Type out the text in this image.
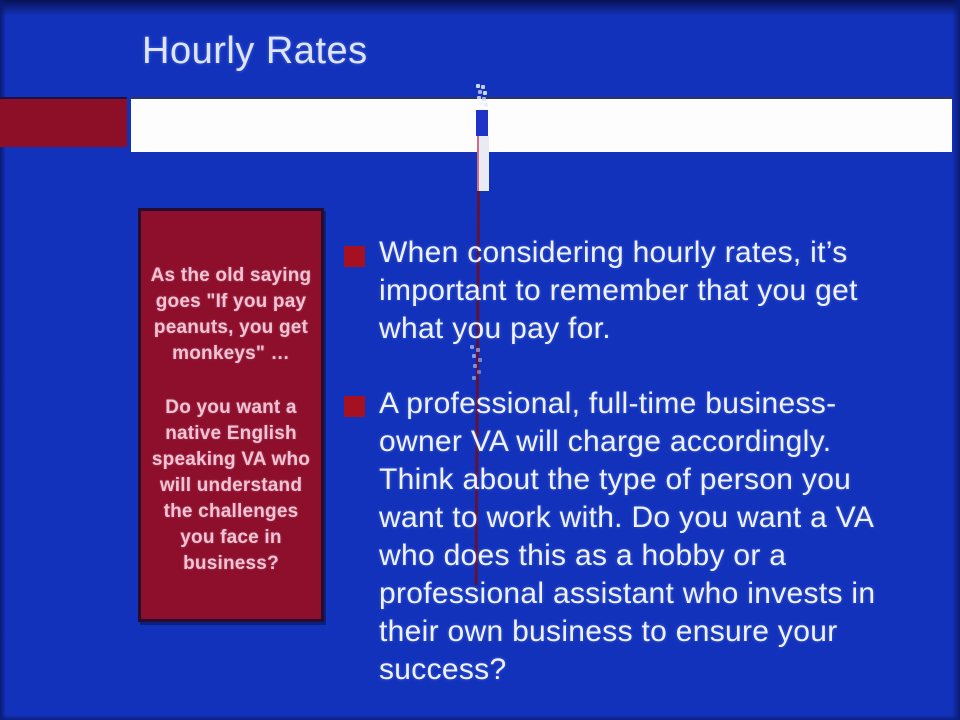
Hourly Rates
As the old saying
goes "If you pay
peanuts, you get
monkeys" …
Do you want a
native English
speaking VA who
will understand
the challenges
you face in
business?
When considering hourly rates, it’s
important to remember that you get
what you pay for.
A professional, full-time business-
owner VA will charge accordingly.
Think about the type of person you
want to work with. Do you want a VA
who does this as a hobby or a
professional assistant who invests in
their own business to ensure your
success?
